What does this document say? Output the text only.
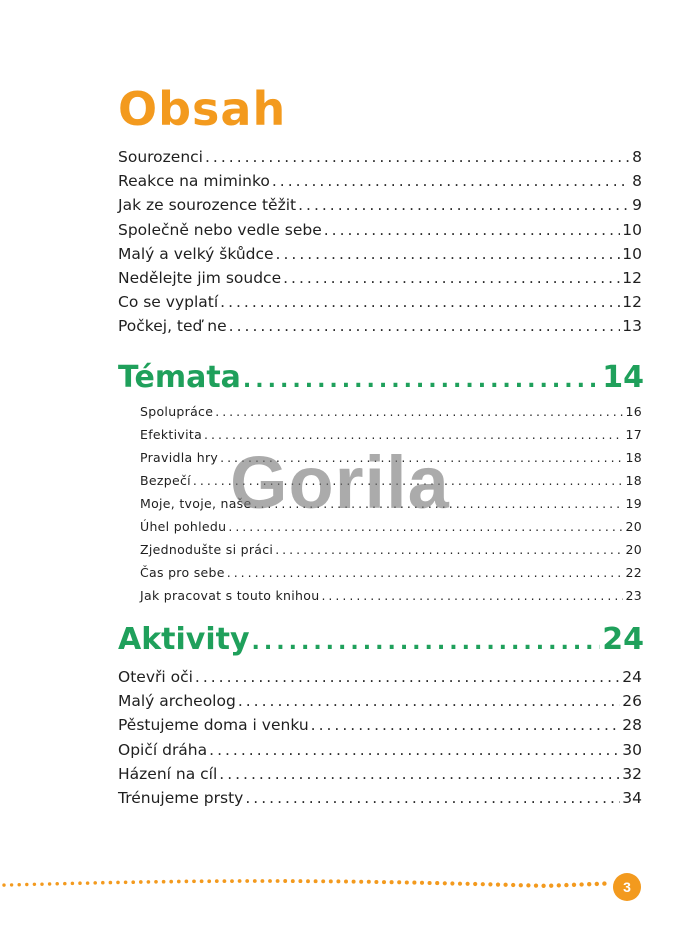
Obsah
Sourozenci .....	8
Reakce na miminko .....	8
Jak ze sourozence těžit .....	9
Společně nebo vedle sebe .....	10
Malý a velký škůdce .....	10
Nedělejte jim soudce .....	12
Co se vyplatí .....	12
Počkej, teď ne .....	13
Témata .....	14
Spolupráce .....	16
Efektivita .....	17
Pravidla hry .....	18
Bezpečí .....	18
Moje, tvoje, naše .....	19
Úhel pohledu .....	20
Zjednodušte si práci .....	20
Čas pro sebe .....	22
Jak pracovat s touto knihou .....	23
Aktivity .....	24
Otevři oči .....	24
Malý archeolog .....	26
Pěstujeme doma i venku .....	28
Opičí dráha .....	30
Házení na cíl .....	32
Trénujeme prsty .....	34
Gorila
3
